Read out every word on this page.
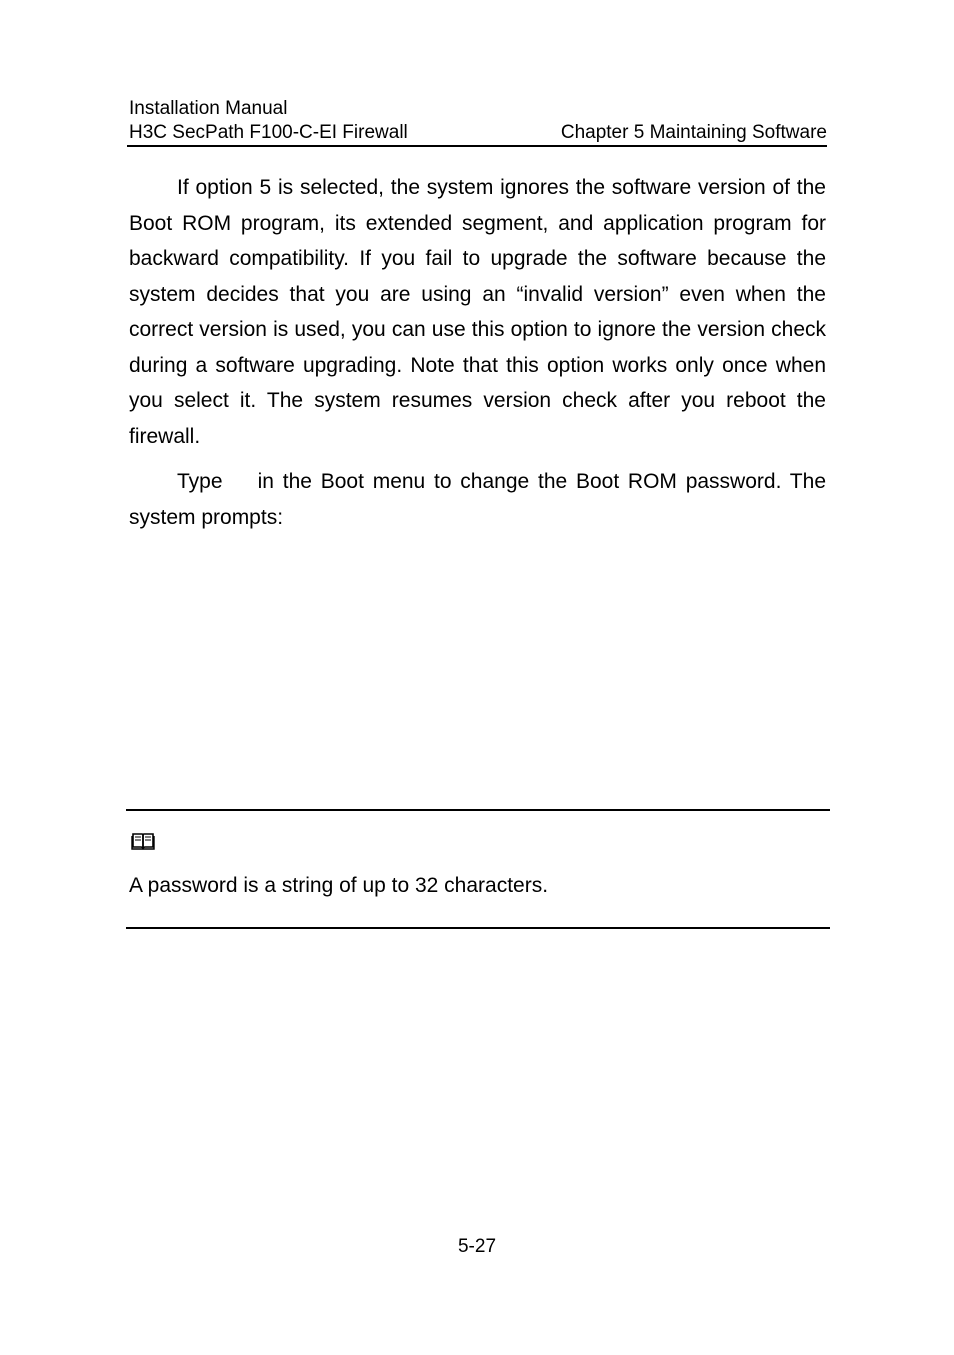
Installation Manual
H3C SecPath F100-C-EI Firewall	Chapter 5 Maintaining Software

If option 5 is selected, the system ignores the software version of the Boot ROM program, its extended segment, and application program for backward compatibility. If you fail to upgrade the software because the system decides that you are using an “invalid version” even when the correct version is used, you can use this option to ignore the version check during a software upgrading. Note that this option works only once when you select it. The system resumes version check after you reboot the firewall.

Type    in the Boot menu to change the Boot ROM password. The system prompts:

A password is a string of up to 32 characters.
5-27
